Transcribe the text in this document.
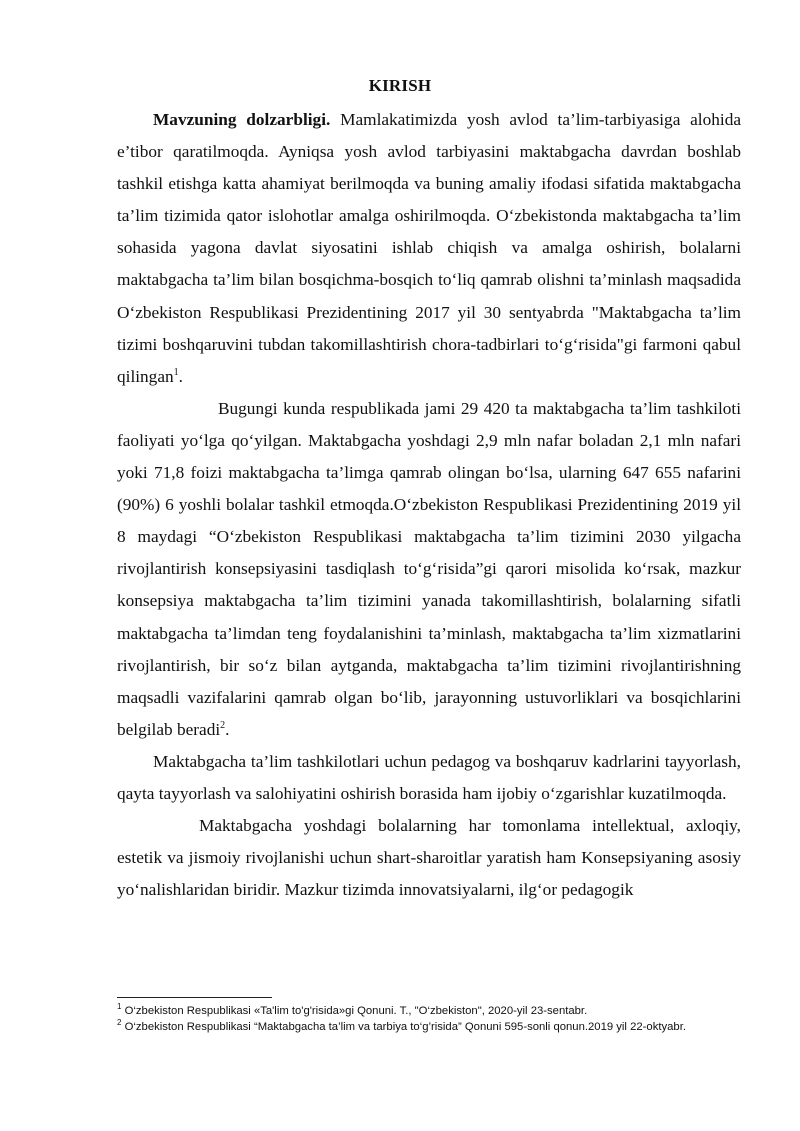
KIRISH

Mavzuning dolzarbligi. Mamlakatimizda yosh avlod ta’lim-tarbiyasiga alohida e’tibor qaratilmoqda. Ayniqsa yosh avlod tarbiyasini maktabgacha davrdan boshlab tashkil etishga katta ahamiyat berilmoqda va buning amaliy ifodasi sifatida maktabgacha ta’lim tizimida qator islohotlar amalga oshirilmoqda. O‘zbekistonda maktabgacha ta’lim sohasida yagona davlat siyosatini ishlab chiqish va amalga oshirish, bolalarni maktabgacha ta’lim bilan bosqichma-bosqich to‘liq qamrab olishni ta’minlash maqsadida O‘zbekiston Respublikasi Prezidentining 2017 yil 30 sentyabrda "Maktabgacha ta’lim tizimi boshqaruvini tubdan takomillashtirish chora-tadbirlari to‘g‘risida"gi farmoni qabul qilingan$^1$.

Bugungi kunda respublikada jami 29 420 ta maktabgacha ta’lim tashkiloti faoliyati yo‘lga qo‘yilgan. Maktabgacha yoshdagi 2,9 mln nafar boladan 2,1 mln nafari yoki 71,8 foizi maktabgacha ta’limga qamrab olingan bo‘lsa, ularning 647 655 nafarini (90%) 6 yoshli bolalar tashkil etmoqda.O‘zbekiston Respublikasi Prezidentining 2019 yil 8 maydagi “O‘zbekiston Respublikasi maktabgacha ta’lim tizimini 2030 yilgacha rivojlantirish konsepsiyasini tasdiqlash to‘g‘risida”gi qarori misolida ko‘rsak, mazkur konsepsiya maktabgacha ta’lim tizimini yanada takomillashtirish, bolalarning sifatli maktabgacha ta’limdan teng foydalanishini ta’minlash, maktabgacha ta’lim xizmatlarini rivojlantirish, bir so‘z bilan aytganda, maktabgacha ta’lim tizimini rivojlantirishning maqsadli vazifalarini qamrab olgan bo‘lib, jarayonning ustuvorliklari va bosqichlarini belgilab beradi$^2$.

Maktabgacha ta’lim tashkilotlari uchun pedagog va boshqaruv kadrlarini tayyorlash, qayta tayyorlash va salohiyatini oshirish borasida ham ijobiy o‘zgarishlar kuzatilmoqda.

Maktabgacha yoshdagi bolalarning har tomonlama intellektual, axloqiy, estetik va jismoiy rivojlanishi uchun shart-sharoitlar yaratish ham Konsepsiyaning asosiy yo‘nalishlaridan biridir. Mazkur tizimda innovatsiyalarni, ilg‘or pedagogik

$^1$ O‘zbekiston Respublikasi «Ta'lim to'g'risida»gi Qonuni. T., "O‘zbekiston", 2020-yil 23-sentabr.

$^2$ O‘zbekiston Respublikasi “Maktabgacha ta’lim va tarbiya to‘g’risida” Qonuni 595-sonli qonun.2019 yil 22-oktyabr.
